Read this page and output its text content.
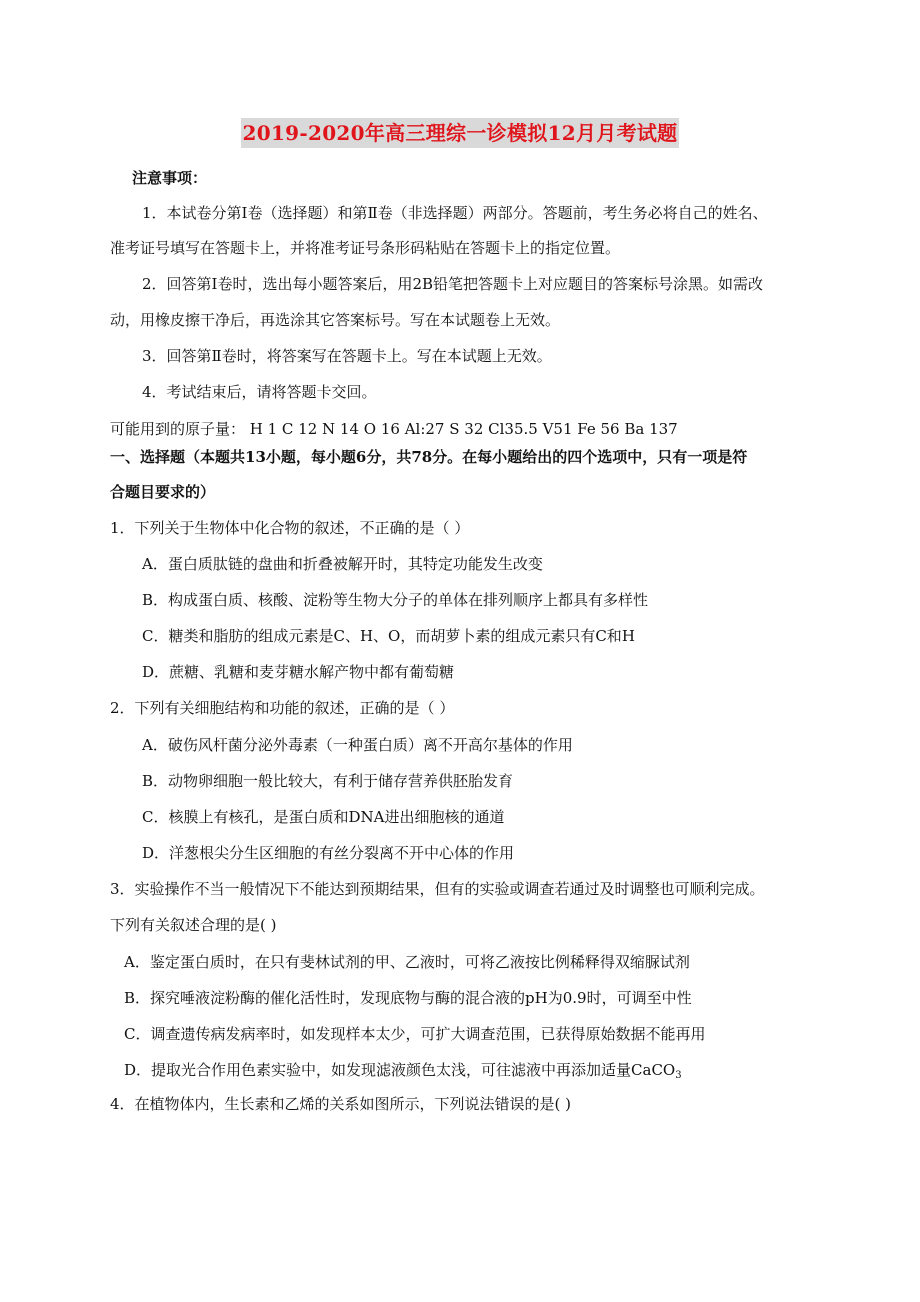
2019-2020年高三理综一诊模拟12月月考试题
注意事项：
1．本试卷分第Ⅰ卷（选择题）和第Ⅱ卷（非选择题）两部分。答题前，考生务必将自己的姓名、
准考证号填写在答题卡上，并将准考证号条形码粘贴在答题卡上的指定位置。
2．回答第Ⅰ卷时，选出每小题答案后，用2B铅笔把答题卡上对应题目的答案标号涂黑。如需改
动，用橡皮擦干净后，再选涂其它答案标号。写在本试题卷上无效。
3．回答第Ⅱ卷时，将答案写在答题卡上。写在本试题上无效。
4．考试结束后，请将答题卡交回。
可能用到的原子量： H 1 C 12 N 14 O 16 Al:27 S 32 Cl35.5 V51 Fe 56 Ba 137
一、选择题（本题共13小题，每小题6分，共78分。在每小题给出的四个选项中，只有一项是符
合题目要求的）
1．下列关于生物体中化合物的叙述，不正确的是（ ）
A．蛋白质肽链的盘曲和折叠被解开时，其特定功能发生改变
B．构成蛋白质、核酸、淀粉等生物大分子的单体在排列顺序上都具有多样性
C．糖类和脂肪的组成元素是C、H、O，而胡萝卜素的组成元素只有C和H
D．蔗糖、乳糖和麦芽糖水解产物中都有葡萄糖
2．下列有关细胞结构和功能的叙述，正确的是（ ）
A．破伤风杆菌分泌外毒素（一种蛋白质）离不开高尔基体的作用
B．动物卵细胞一般比较大，有利于储存营养供胚胎发育
C．核膜上有核孔，是蛋白质和DNA进出细胞核的通道
D．洋葱根尖分生区细胞的有丝分裂离不开中心体的作用
3．实验操作不当一般情况下不能达到预期结果，但有的实验或调查若通过及时调整也可顺利完成。
下列有关叙述合理的是( )
A．鉴定蛋白质时，在只有斐林试剂的甲、乙液时，可将乙液按比例稀释得双缩脲试剂
B．探究唾液淀粉酶的催化活性时，发现底物与酶的混合液的pH为0.9时，可调至中性
C．调查遗传病发病率时，如发现样本太少，可扩大调查范围，已获得原始数据不能再用
D．提取光合作用色素实验中，如发现滤液颜色太浅，可往滤液中再添加适量CaCO$_3$
4．在植物体内，生长素和乙烯的关系如图所示，下列说法错误的是( )
